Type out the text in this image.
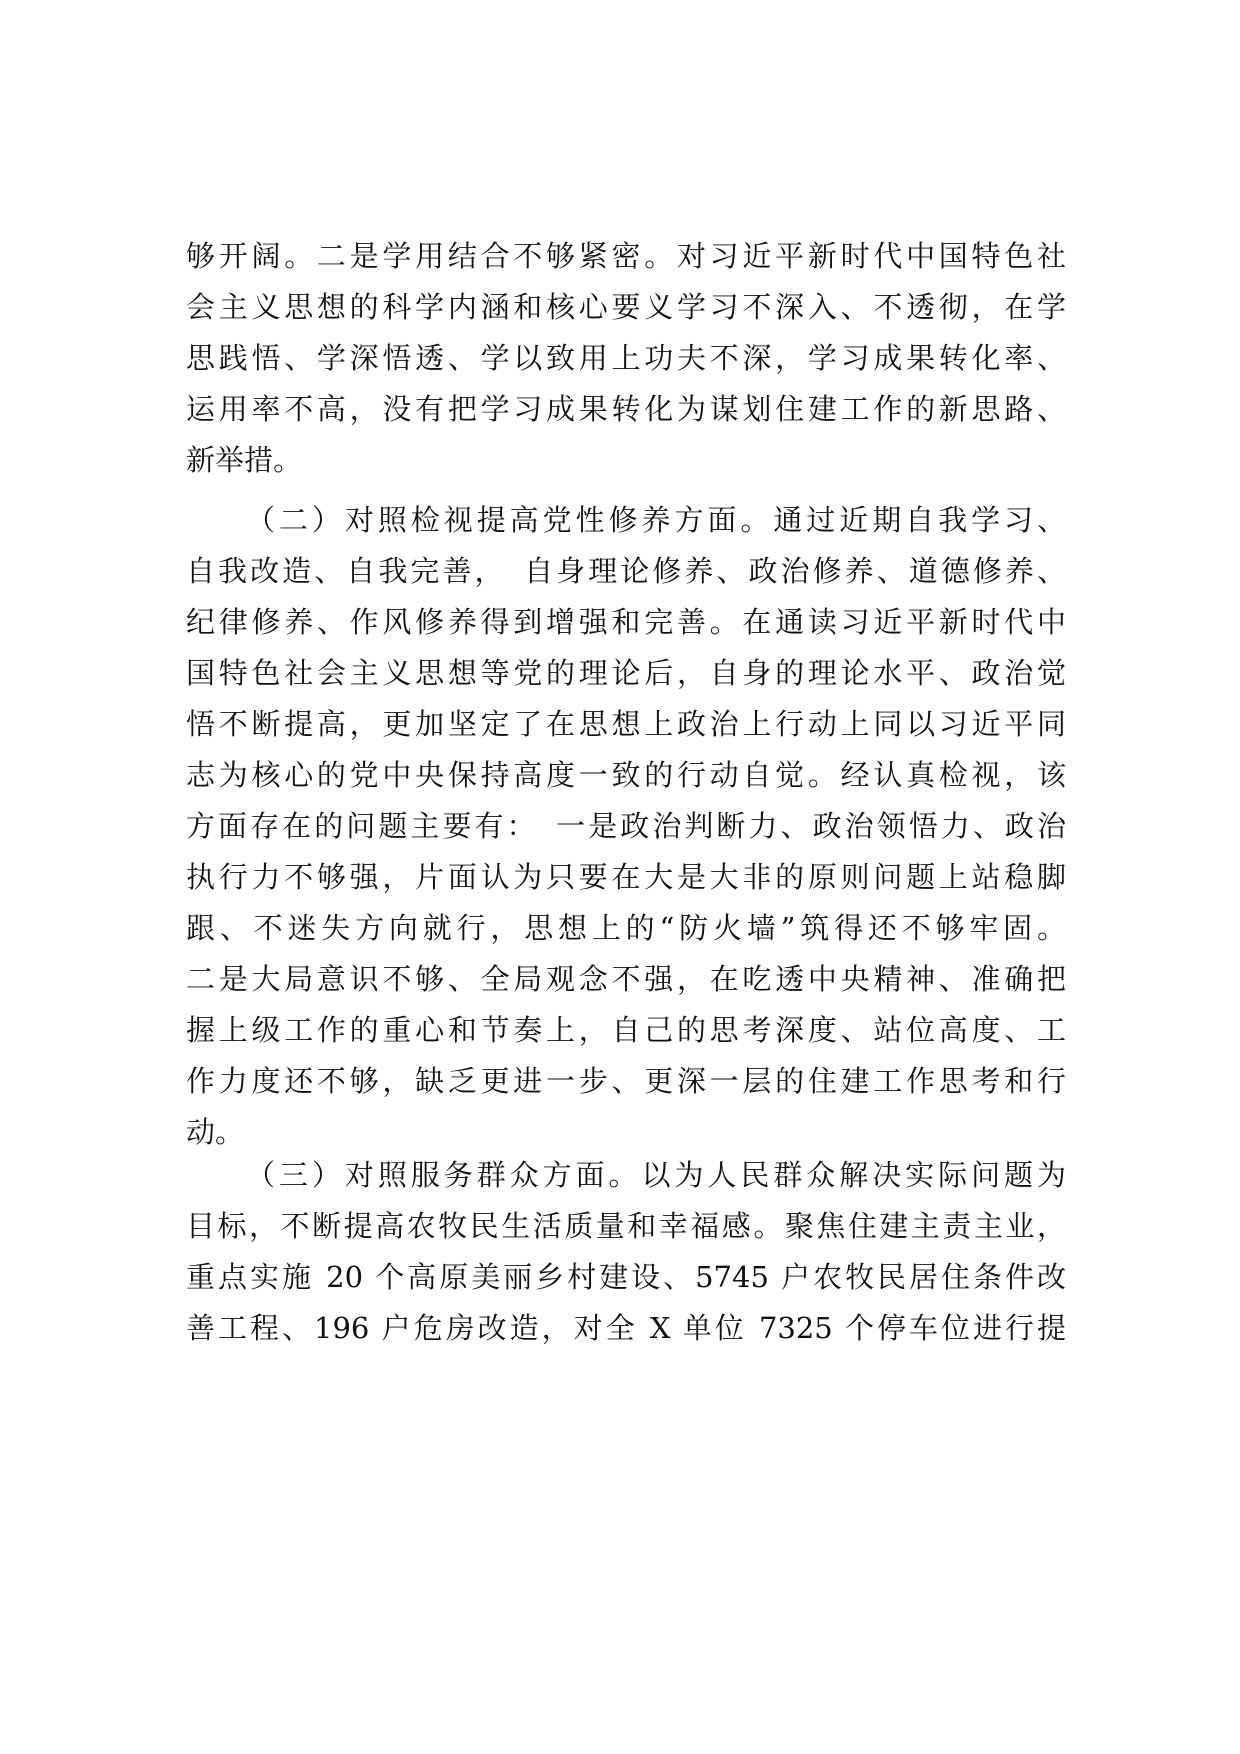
够开阔。二是学用结合不够紧密。对习近平新时代中国特色社
会主义思想的科学内涵和核心要义学习不深入、不透彻，在学
思践悟、学深悟透、学以致用上功夫不深，学习成果转化率、
运用率不高，没有把学习成果转化为谋划住建工作的新思路、
新举措。
（二）对照检视提高党性修养方面。通过近期自我学习、
自我改造、自我完善，　自身理论修养、政治修养、道德修养、
纪律修养、作风修养得到增强和完善。在通读习近平新时代中
国特色社会主义思想等党的理论后，自身的理论水平、政治觉
悟不断提高，更加坚定了在思想上政治上行动上同以习近平同
志为核心的党中央保持高度一致的行动自觉。经认真检视，该
方面存在的问题主要有：　一是政治判断力、政治领悟力、政治
执行力不够强，片面认为只要在大是大非的原则问题上站稳脚
跟、不迷失方向就行，思想上的“防火墙”筑得还不够牢固。
二是大局意识不够、全局观念不强，在吃透中央精神、准确把
握上级工作的重心和节奏上，自己的思考深度、站位高度、工
作力度还不够，缺乏更进一步、更深一层的住建工作思考和行
动。
（三）对照服务群众方面。以为人民群众解决实际问题为
目标，不断提高农牧民生活质量和幸福感。聚焦住建主责主业，
重点实施 20 个高原美丽乡村建设、5745 户农牧民居住条件改
善工程、196 户危房改造，对全 X 单位 7325 个停车位进行提
